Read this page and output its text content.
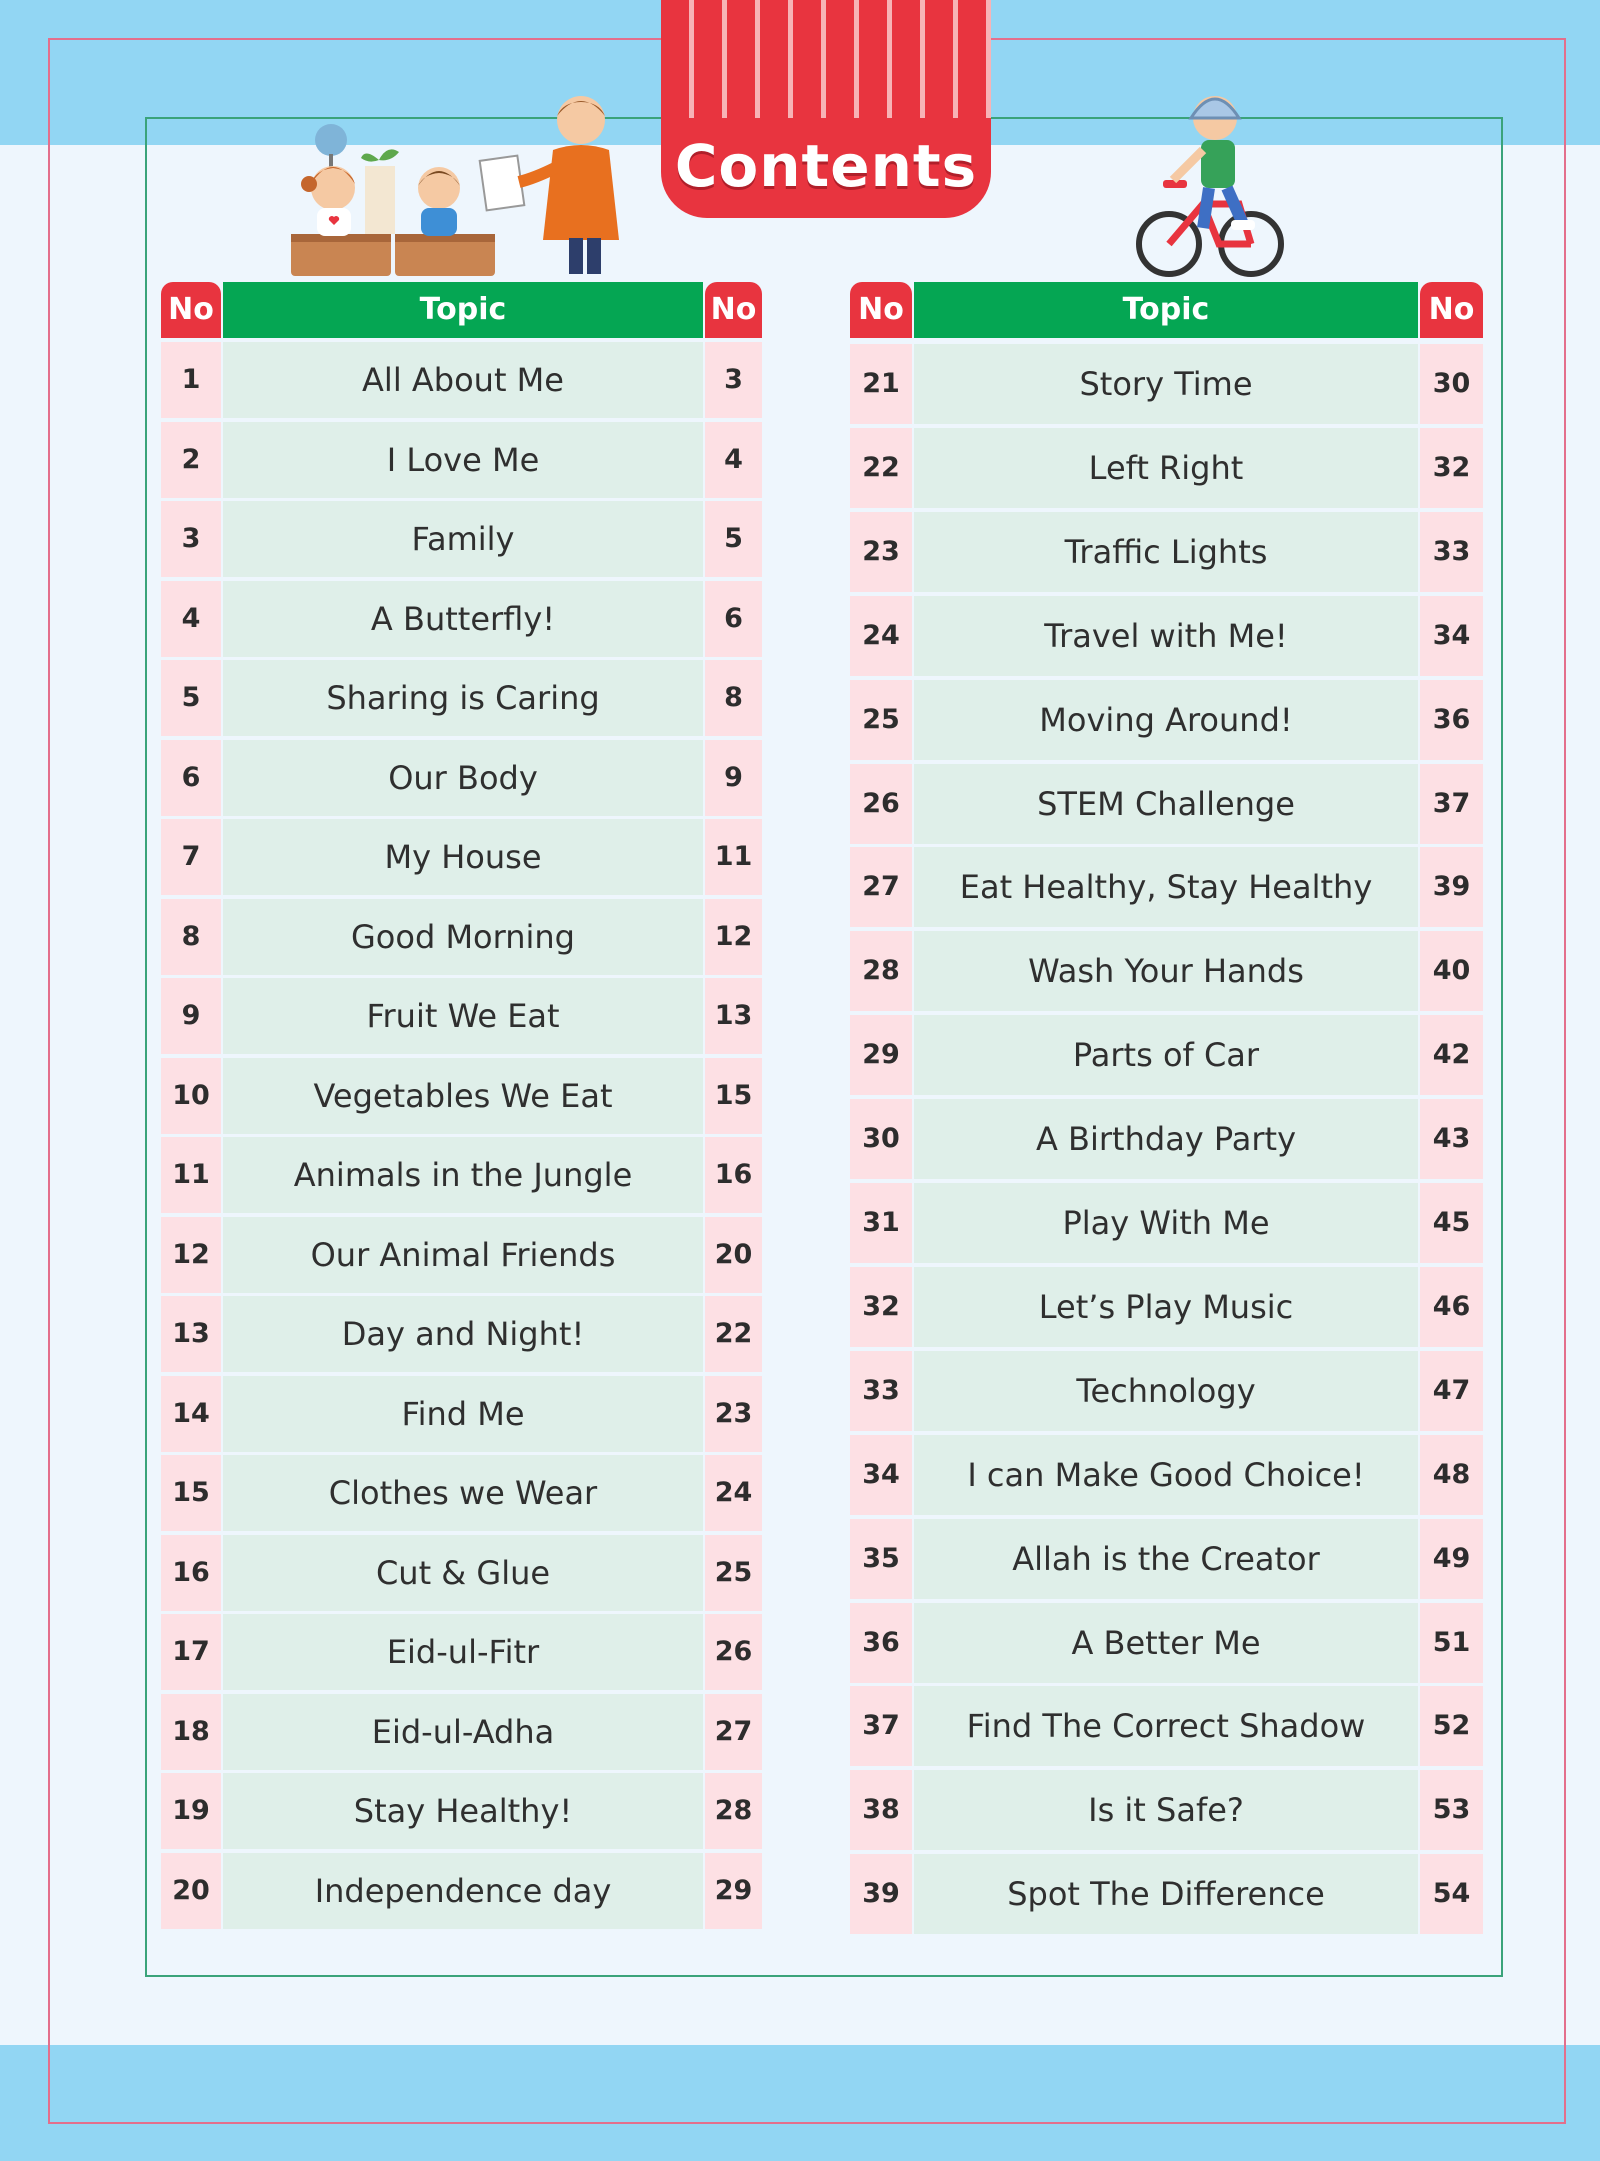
Contents
No	Topic	No
1	All About Me	3
2	I Love Me	4
3	Family	5
4	A Butterfly!	6
5	Sharing is Caring	8
6	Our Body	9
7	My House	11
8	Good Morning	12
9	Fruit We Eat	13
10	Vegetables We Eat	15
11	Animals in the Jungle	16
12	Our Animal Friends	20
13	Day and Night!	22
14	Find Me	23
15	Clothes we Wear	24
16	Cut & Glue	25
17	Eid-ul-Fitr	26
18	Eid-ul-Adha	27
19	Stay Healthy!	28
20	Independence day	29
No	Topic	No
21	Story Time	30
22	Left Right	32
23	Traffic Lights	33
24	Travel with Me!	34
25	Moving Around!	36
26	STEM Challenge	37
27	Eat Healthy, Stay Healthy	39
28	Wash Your Hands	40
29	Parts of Car	42
30	A Birthday Party	43
31	Play With Me	45
32	Let’s Play Music	46
33	Technology	47
34	I can Make Good Choice!	48
35	Allah is the Creator	49
36	A Better Me	51
37	Find The Correct Shadow	52
38	Is it Safe?	53
39	Spot The Difference	54
